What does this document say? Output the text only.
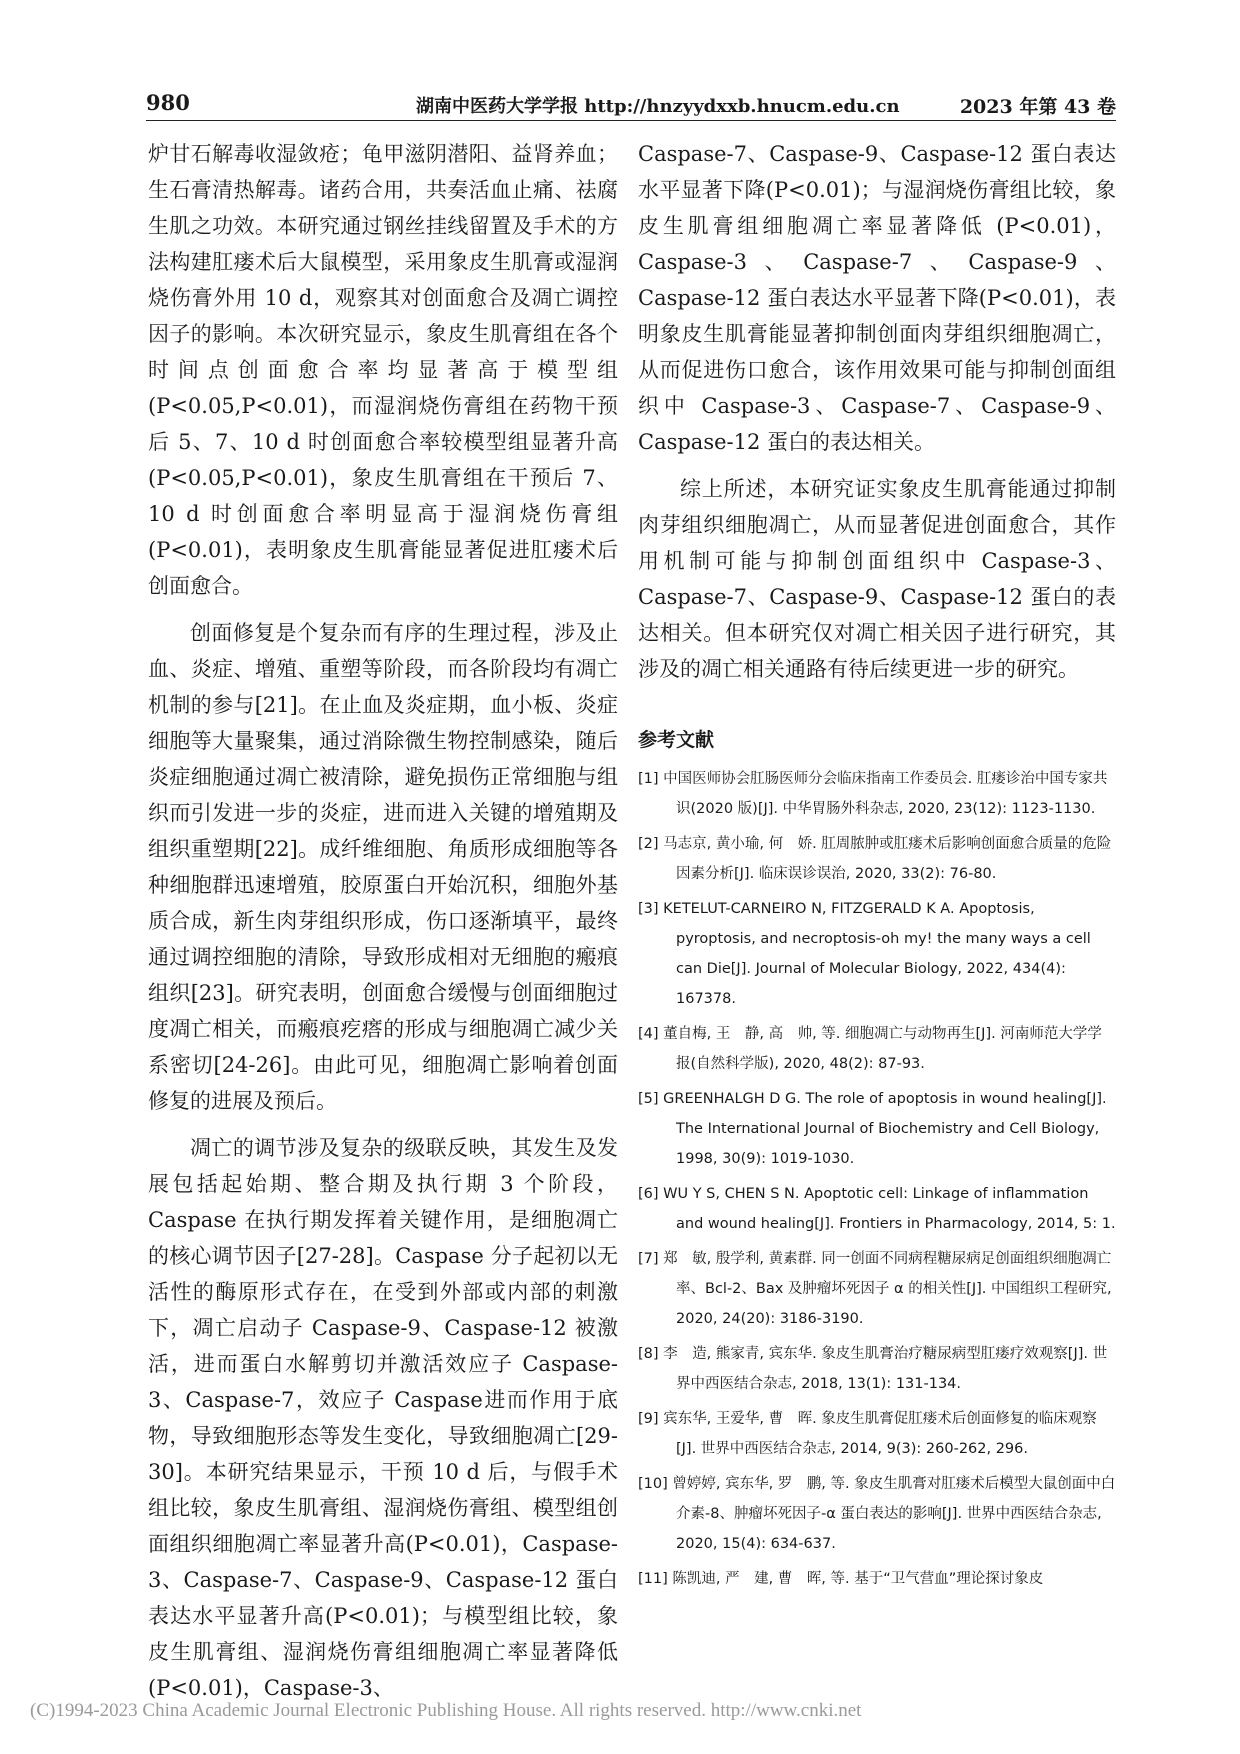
980	湖南中医药大学学报 http://hnzyydxxb.hnucm.edu.cn	2023 年第 43 卷

炉甘石解毒收湿敛疮；龟甲滋阴潜阳、益肾养血；生石膏清热解毒。诸药合用，共奏活血止痛、祛腐生肌之功效。本研究通过钢丝挂线留置及手术的方法构建肛瘘术后大鼠模型，采用象皮生肌膏或湿润烧伤膏外用 10 d，观察其对创面愈合及凋亡调控因子的影响。本次研究显示，象皮生肌膏组在各个时间点创面愈合率均显著高于模型组(P<0.05,P<0.01)，而湿润烧伤膏组在药物干预后 5、7、10 d 时创面愈合率较模型组显著升高(P<0.05,P<0.01)，象皮生肌膏组在干预后 7、10 d 时创面愈合率明显高于湿润烧伤膏组(P<0.01)，表明象皮生肌膏能显著促进肛瘘术后创面愈合。

创面修复是个复杂而有序的生理过程，涉及止血、炎症、增殖、重塑等阶段，而各阶段均有凋亡机制的参与[21]。在止血及炎症期，血小板、炎症细胞等大量聚集，通过消除微生物控制感染，随后炎症细胞通过凋亡被清除，避免损伤正常细胞与组织而引发进一步的炎症，进而进入关键的增殖期及组织重塑期[22]。成纤维细胞、角质形成细胞等各种细胞群迅速增殖，胶原蛋白开始沉积，细胞外基质合成，新生肉芽组织形成，伤口逐渐填平，最终通过调控细胞的清除，导致形成相对无细胞的瘢痕组织[23]。研究表明，创面愈合缓慢与创面细胞过度凋亡相关，而瘢痕疙瘩的形成与细胞凋亡减少关系密切[24-26]。由此可见，细胞凋亡影响着创面修复的进展及预后。

凋亡的调节涉及复杂的级联反映，其发生及发展包括起始期、整合期及执行期 3 个阶段，Caspase 在执行期发挥着关键作用，是细胞凋亡的核心调节因子[27-28]。Caspase 分子起初以无活性的酶原形式存在，在受到外部或内部的刺激下，凋亡启动子 Caspase-9、Caspase-12 被激活，进而蛋白水解剪切并激活效应子 Caspase-3、Caspase-7，效应子 Caspase进而作用于底物，导致细胞形态等发生变化，导致细胞凋亡[29-30]。本研究结果显示，干预 10 d 后，与假手术组比较，象皮生肌膏组、湿润烧伤膏组、模型组创面组织细胞凋亡率显著升高(P<0.01)，Caspase-3、Caspase-7、Caspase-9、Caspase-12 蛋白表达水平显著升高(P<0.01)；与模型组比较，象皮生肌膏组、湿润烧伤膏组细胞凋亡率显著降低(P<0.01)，Caspase-3、

Caspase-7、Caspase-9、Caspase-12 蛋白表达水平显著下降(P<0.01)；与湿润烧伤膏组比较，象皮生肌膏组细胞凋亡率显著降低 (P<0.01)，Caspase-3、Caspase-7、Caspase-9、Caspase-12 蛋白表达水平显著下降(P<0.01)，表明象皮生肌膏能显著抑制创面肉芽组织细胞凋亡，从而促进伤口愈合，该作用效果可能与抑制创面组织中 Caspase-3、Caspase-7、Caspase-9、Caspase-12 蛋白的表达相关。

综上所述，本研究证实象皮生肌膏能通过抑制肉芽组织细胞凋亡，从而显著促进创面愈合，其作用机制可能与抑制创面组织中 Caspase-3、Caspase-7、Caspase-9、Caspase-12 蛋白的表达相关。但本研究仅对凋亡相关因子进行研究，其涉及的凋亡相关通路有待后续更进一步的研究。

参考文献

[1] 中国医师协会肛肠医师分会临床指南工作委员会. 肛瘘诊治中国专家共识(2020 版)[J]. 中华胃肠外科杂志, 2020, 23(12): 1123-1130.

[2] 马志京, 黄小瑜, 何　娇. 肛周脓肿或肛瘘术后影响创面愈合质量的危险因素分析[J]. 临床误诊误治, 2020, 33(2): 76-80.

[3] KETELUT-CARNEIRO N, FITZGERALD K A. Apoptosis, pyroptosis, and necroptosis-oh my! the many ways a cell can Die[J]. Journal of Molecular Biology, 2022, 434(4): 167378.

[4] 董自梅, 王　静, 高　帅, 等. 细胞凋亡与动物再生[J]. 河南师范大学学报(自然科学版), 2020, 48(2): 87-93.

[5] GREENHALGH D G. The role of apoptosis in wound healing[J]. The International Journal of Biochemistry and Cell Biology, 1998, 30(9): 1019-1030.

[6] WU Y S, CHEN S N. Apoptotic cell: Linkage of inflammation and wound healing[J]. Frontiers in Pharmacology, 2014, 5: 1.

[7] 郑　敏, 殷学利, 黄素群. 同一创面不同病程糖尿病足创面组织细胞凋亡率、Bcl-2、Bax 及肿瘤坏死因子 α 的相关性[J]. 中国组织工程研究, 2020, 24(20): 3186-3190.

[8] 李　造, 熊家青, 宾东华. 象皮生肌膏治疗糖尿病型肛瘘疗效观察[J]. 世界中西医结合杂志, 2018, 13(1): 131-134.

[9] 宾东华, 王爱华, 曹　晖. 象皮生肌膏促肛瘘术后创面修复的临床观察[J]. 世界中西医结合杂志, 2014, 9(3): 260-262, 296.

[10] 曾婷婷, 宾东华, 罗　鹏, 等. 象皮生肌膏对肛瘘术后模型大鼠创面中白介素-8、肿瘤坏死因子-α 蛋白表达的影响[J]. 世界中西医结合杂志, 2020, 15(4): 634-637.

[11] 陈凯迪, 严　建, 曹　晖, 等. 基于“卫气营血”理论探讨象皮

(C)1994-2023 China Academic Journal Electronic Publishing House. All rights reserved. http://www.cnki.net
